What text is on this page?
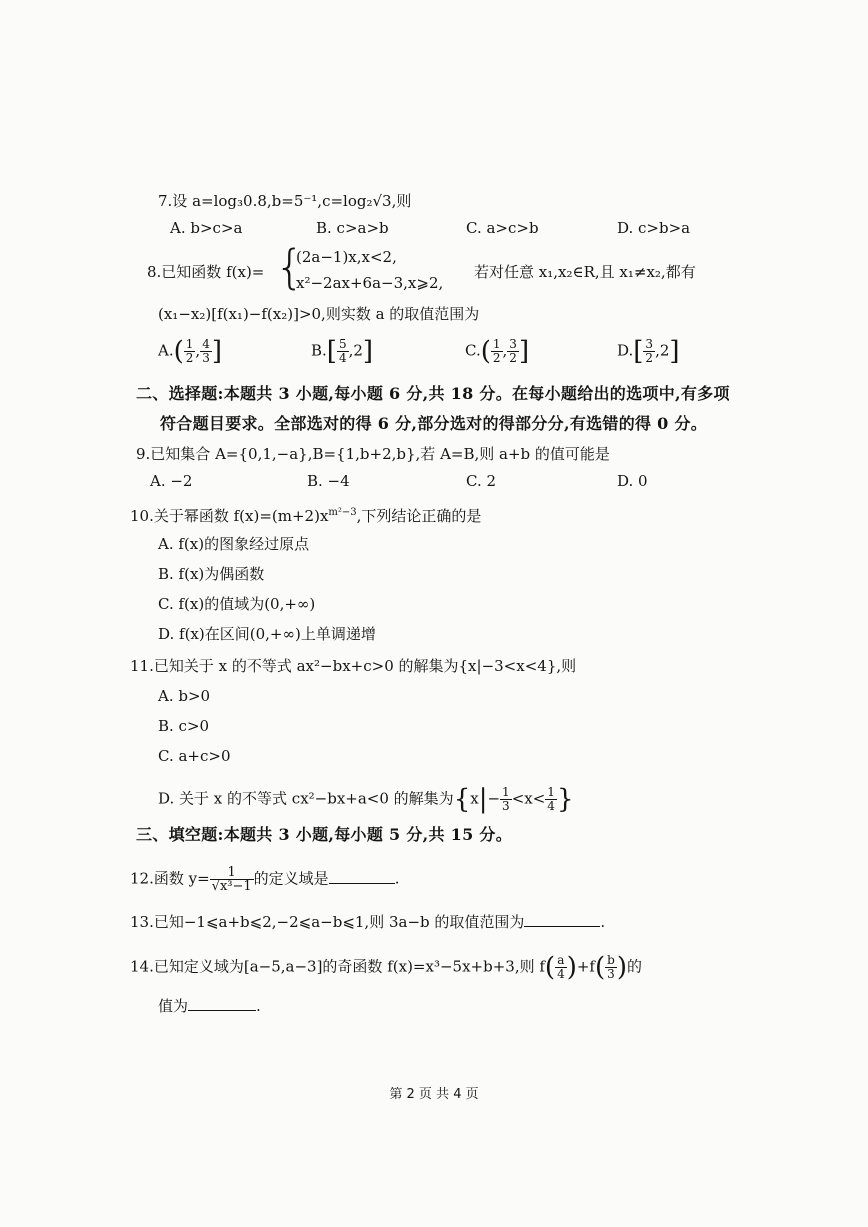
7.设 a=log₃0.8,b=5⁻¹,c=log₂√3,则
A. b>c>a	B. c>a>b	C. a>c>b	D. c>b>a
8.已知函数 f(x)= {
(2a−1)x,x<2,
x²−2ax+6a−3,x⩾2,
若对任意 x₁,x₂∈R,且 x₁≠x₂,都有
(x₁−x₂)[f(x₁)−f(x₂)]>0,则实数 a 的取值范围为
$A.( \frac{1}{2}$ , $\frac{4}{3}$ ]	$B.[ \frac{5}{4} ,2]$	$C.( \frac{1}{2}$ , $\frac{3}{2}$ ]	$D.[ \frac{3}{2} ,2]$
二、选择题:本题共 3 小题,每小题 6 分,共 18 分。在每小题给出的选项中,有多项
符合题目要求。全部选对的得 6 分,部分选对的得部分分,有选错的得 0 分。
9.已知集合 A={0,1,−a},B={1,b+2,b},若 A=B,则 a+b 的值可能是
A. −2	B. −4	C. 2	D. 0
10.关于幂函数 $f(x)=(m+2)x^{m^2-3}$,下列结论正确的是
A. f(x)的图象经过原点
B. f(x)为偶函数
C. f(x)的值域为(0,+∞)
D. f(x)在区间(0,+∞)上单调递增
11.已知关于 x 的不等式 ax²−bx+c>0 的解集为{x|−3<x<4},则
A. b>0
B. c>0
C. a+c>0
D. 关于 x 的不等式 cx²−bx+a<0 的解集为{$x|- \frac{1}{3} <x< \frac{1}{4}$ }
三、填空题:本题共 3 小题,每小题 5 分,共 15 分。
12.函数 $y= \frac{1}{\text{√x³−1}}$ 的定义域是	.
13.已知−1⩽a+b⩽2,−2⩽a−b⩽1,则 3a−b 的取值范围为	.
14.已知定义域为[a−5,a−3]的奇函数 f(x)=x³−5x+b+3,则 $f( \frac{a}{4} )+f( \frac{b}{3}$ )的
值为	.
第 2 页 共 4 页
